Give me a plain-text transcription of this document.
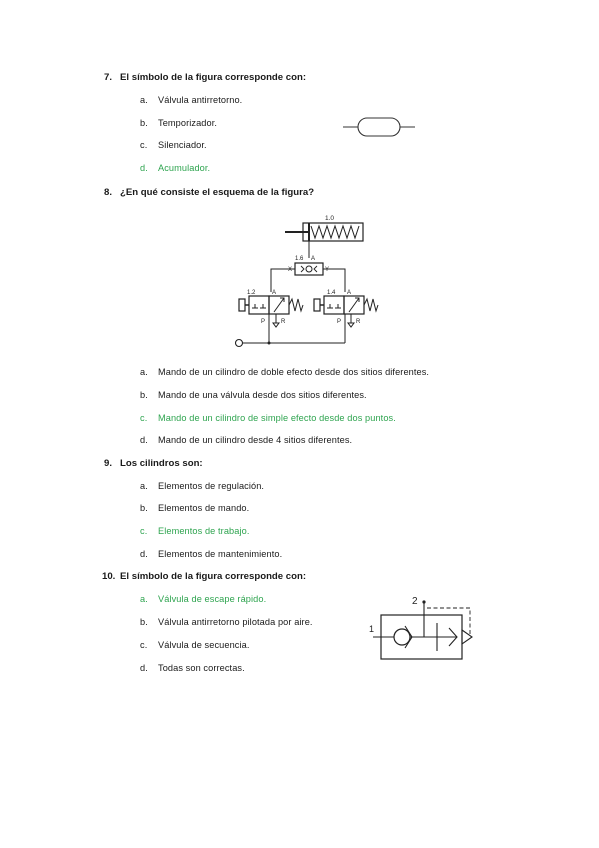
7. El símbolo de la figura corresponde con:
a. Válvula antirretorno.
b. Temporizador.
c. Silenciador.
d. Acumulador.
8. ¿En qué consiste el esquema de la figura?
1.0
1.6 A
X	Y
1.2	A
P	R
1.4 A
P R
a. Mando de un cilindro de doble efecto desde dos sitios diferentes.
b. Mando de una válvula desde dos sitios diferentes.
c. Mando de un cilindro de simple efecto desde dos puntos.
d. Mando de un cilindro desde 4 sitios diferentes.
9. Los cilindros son:
a. Elementos de regulación.
b. Elementos de mando.
c. Elementos de trabajo.
d. Elementos de mantenimiento.
10. El símbolo de la figura corresponde con:
a. Válvula de escape rápido.
b. Válvula antirretorno pilotada por aire.
c. Válvula de secuencia.
d. Todas son correctas.
2
1
